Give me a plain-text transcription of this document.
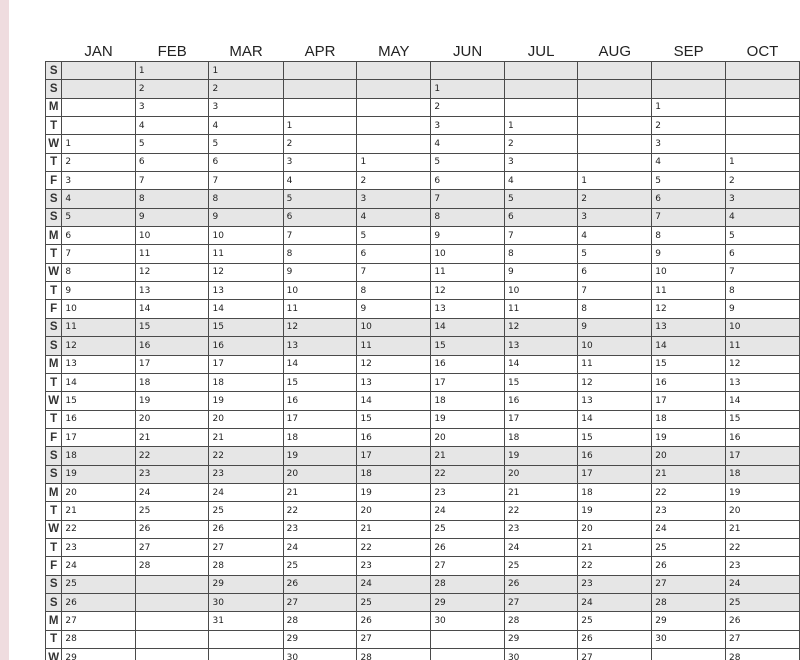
	JAN	FEB	MAR	APR	MAY	JUN	JUL	AUG	SEP	OCT
S		1	1							
S		2	2			1				
M		3	3			2			1	
T		4	4	1		3	1		2	
W	1	5	5	2		4	2		3	
T	2	6	6	3	1	5	3		4	1
F	3	7	7	4	2	6	4	1	5	2
S	4	8	8	5	3	7	5	2	6	3
S	5	9	9	6	4	8	6	3	7	4
M	6	10	10	7	5	9	7	4	8	5
T	7	11	11	8	6	10	8	5	9	6
W	8	12	12	9	7	11	9	6	10	7
T	9	13	13	10	8	12	10	7	11	8
F	10	14	14	11	9	13	11	8	12	9
S	11	15	15	12	10	14	12	9	13	10
S	12	16	16	13	11	15	13	10	14	11
M	13	17	17	14	12	16	14	11	15	12
T	14	18	18	15	13	17	15	12	16	13
W	15	19	19	16	14	18	16	13	17	14
T	16	20	20	17	15	19	17	14	18	15
F	17	21	21	18	16	20	18	15	19	16
S	18	22	22	19	17	21	19	16	20	17
S	19	23	23	20	18	22	20	17	21	18
M	20	24	24	21	19	23	21	18	22	19
T	21	25	25	22	20	24	22	19	23	20
W	22	26	26	23	21	25	23	20	24	21
T	23	27	27	24	22	26	24	21	25	22
F	24	28	28	25	23	27	25	22	26	23
S	25		29	26	24	28	26	23	27	24
S	26		30	27	25	29	27	24	28	25
M	27		31	28	26	30	28	25	29	26
T	28			29	27		29	26	30	27
W	29			30	28		30	27		28
